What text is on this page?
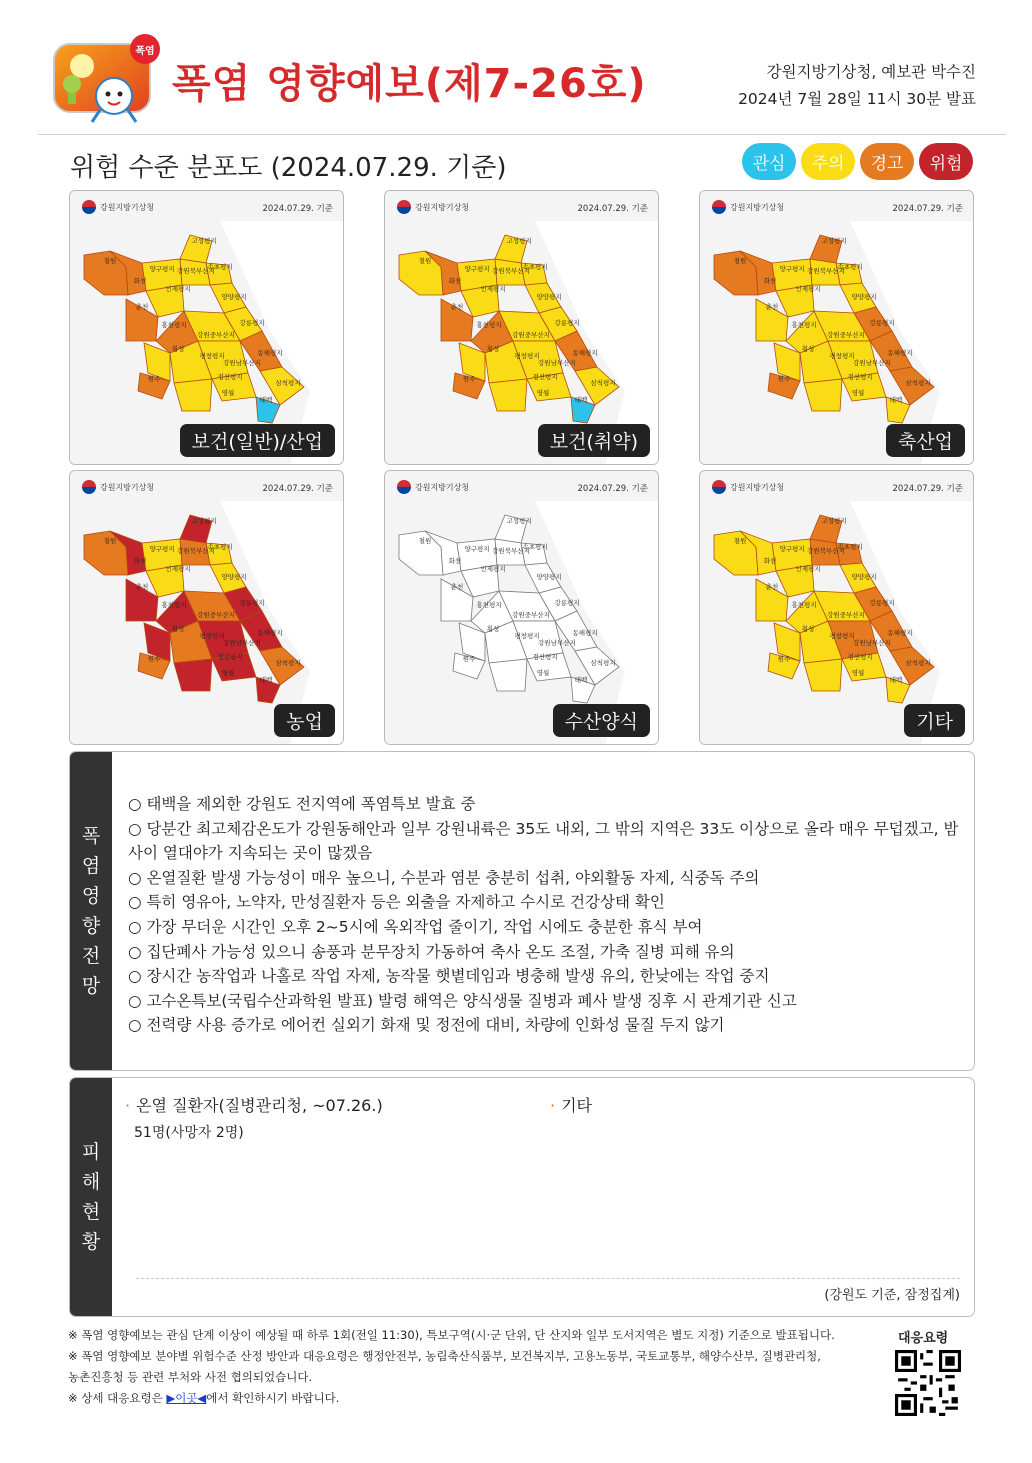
폭염
폭염 영향예보(제7-26호)	강원지방기상청, 예보관 박수진
2024년 7월 28일 11시 30분 발표
위험 수준 분포도 (2024.07.29. 기준)	관심	주의	경고	위험
철원
화천
양구평지
고성평지
속초평지
강원북부산지
인제평지
양양평지
춘천
홍천평지	강릉평지
강원중부산지
동해평지
횡성
평창평지
강원남부산지
원주	정선평지
삼척평지
영월
태백
강원지방기상청	2024.07.29. 기준
보건(일반)/산업
철원
화천
양구평지
고성평지
속초평지
강원북부산지
인제평지
양양평지
춘천
홍천평지	강릉평지
강원중부산지
동해평지
횡성
평창평지
강원남부산지
원주	정선평지
삼척평지
영월
태백
강원지방기상청	2024.07.29. 기준
보건(취약)
철원
화천
양구평지
고성평지
속초평지
강원북부산지
인제평지
양양평지
춘천
홍천평지	강릉평지
강원중부산지
동해평지
횡성
평창평지
강원남부산지
원주	정선평지
삼척평지
영월
태백
강원지방기상청	2024.07.29. 기준
축산업
철원
화천
양구평지
고성평지
속초평지
강원북부산지
인제평지
양양평지
춘천
홍천평지	강릉평지
강원중부산지
동해평지
횡성
평창평지
강원남부산지
원주	정선평지
삼척평지
영월
태백
강원지방기상청	2024.07.29. 기준
농업
철원
화천
양구평지
고성평지
속초평지
강원북부산지
인제평지
양양평지
춘천
홍천평지	강릉평지
강원중부산지
동해평지
횡성
평창평지
강원남부산지
원주	정선평지
삼척평지
영월
태백
강원지방기상청	2024.07.29. 기준
수산양식
철원
화천
양구평지
고성평지
속초평지
강원북부산지
인제평지
양양평지
춘천
홍천평지	강릉평지
강원중부산지
동해평지
횡성
평창평지
강원남부산지
원주	정선평지
삼척평지
영월
태백
강원지방기상청	2024.07.29. 기준
기타
폭
염
영
향
전
망
○ 태백을 제외한 강원도 전지역에 폭염특보 발효 중
○ 당분간 최고체감온도가 강원동해안과 일부 강원내륙은 35도 내외, 그 밖의 지역은 33도 이상으로 올라 매우 무덥겠고, 밤사이 열대야가 지속되는 곳이 많겠음
○ 온열질환 발생 가능성이 매우 높으니, 수분과 염분 충분히 섭취, 야외활동 자제, 식중독 주의
○ 특히 영유아, 노약자, 만성질환자 등은 외출을 자제하고 수시로 건강상태 확인
○ 가장 무더운 시간인 오후 2~5시에 옥외작업 줄이기, 작업 시에도 충분한 휴식 부여
○ 집단폐사 가능성 있으니 송풍과 분무장치 가동하여 축사 온도 조절, 가축 질병 피해 유의
○ 장시간 농작업과 나홀로 작업 자제, 농작물 햇볕데임과 병충해 발생 유의, 한낮에는 작업 중지
○ 고수온특보(국립수산과학원 발표) 발령 해역은 양식생물 질병과 폐사 발생 징후 시 관계기관 신고
○ 전력량 사용 증가로 에어컨 실외기 화재 및 정전에 대비, 차량에 인화성 물질 두지 않기
피
해
현
황
· 온열 질환자(질병관리청, ~07.26.)
51명(사망자 2명)
· 기타
(강원도 기준, 잠정집계)
※ 폭염 영향예보는 관심 단계 이상이 예상될 때 하루 1회(전일 11:30), 특보구역(시·군 단위, 단 산지와 일부 도서지역은 별도 지정) 기준으로 발표됩니다.
※ 폭염 영향예보 분야별 위험수준 산정 방안과 대응요령은 행정안전부, 농림축산식품부, 보건복지부, 고용노동부, 국토교통부, 해양수산부, 질병관리청,
농촌진흥청 등 관련 부처와 사전 협의되었습니다.
※ 상세 대응요령은 ▶이곳◀에서 확인하시기 바랍니다.
대응요령
